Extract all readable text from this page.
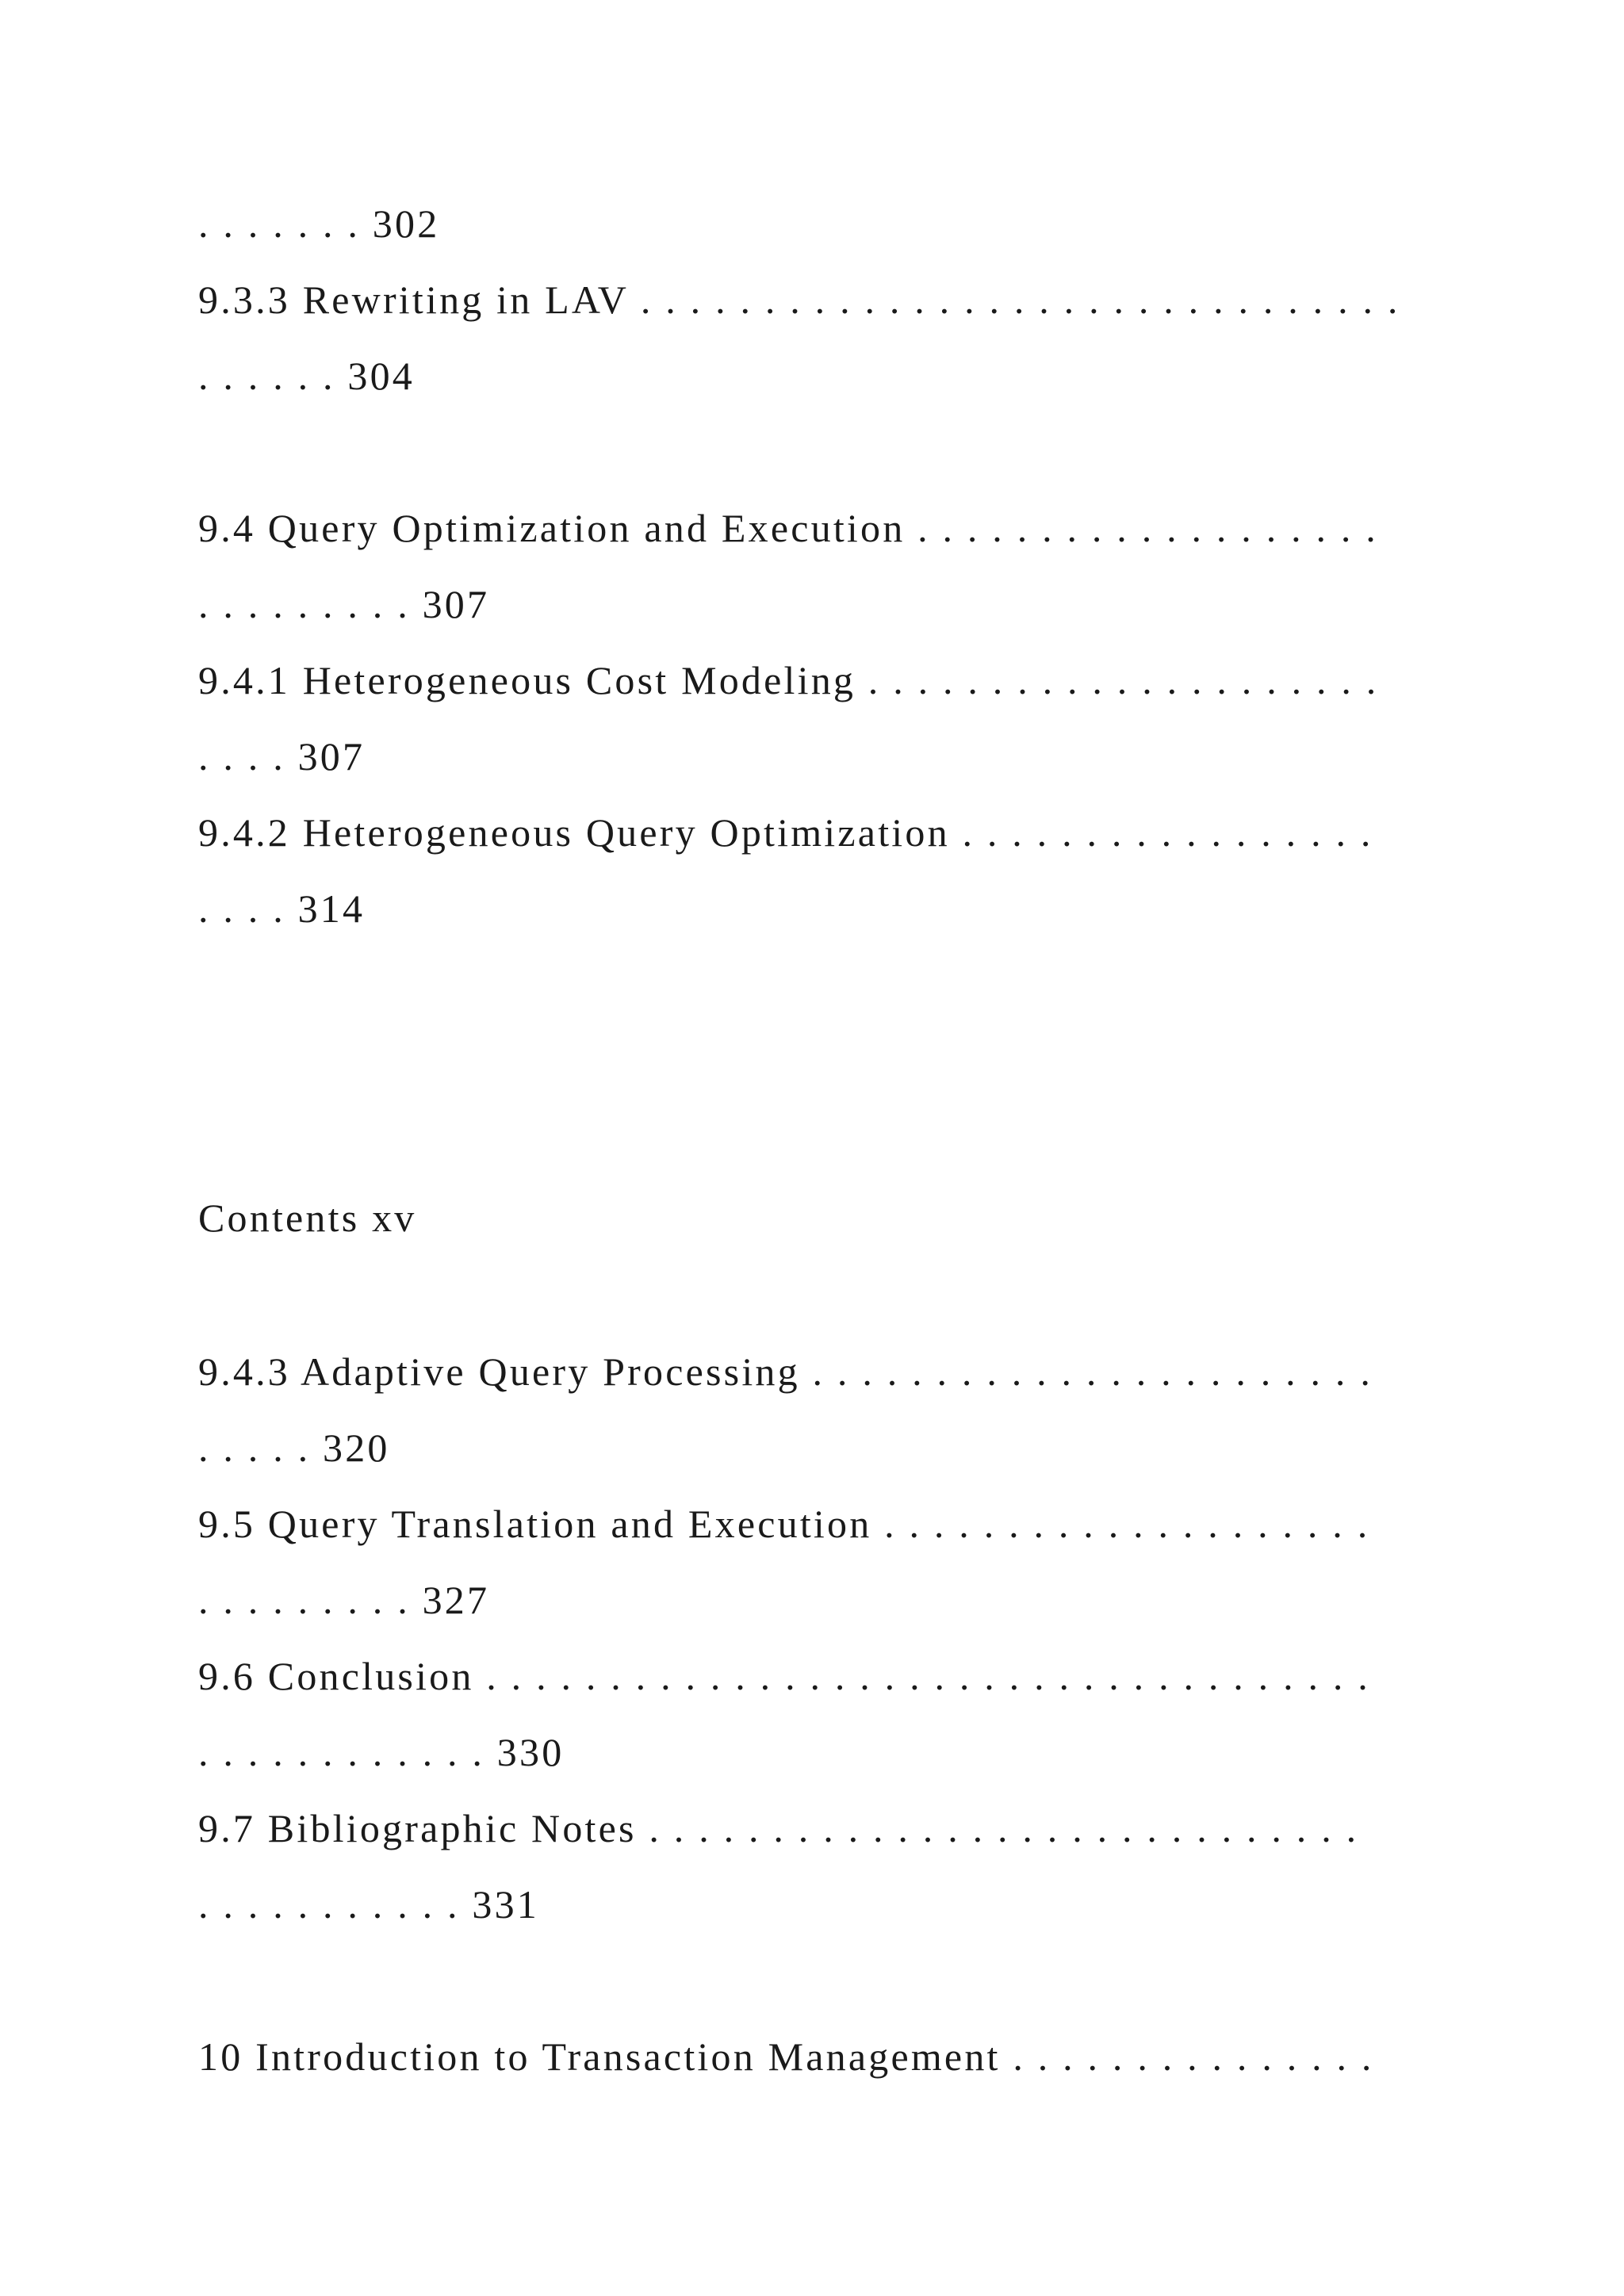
. . . . . . . 302
9.3.3 Rewriting in LAV . . . . . . . . . . . . . . . . . . . . . . . . . . . . . . .
. . . . . . 304
9.4 Query Optimization and Execution . . . . . . . . . . . . . . . . . . .
. . . . . . . . . 307
9.4.1 Heterogeneous Cost Modeling . . . . . . . . . . . . . . . . . . . . .
. . . . 307
9.4.2 Heterogeneous Query Optimization . . . . . . . . . . . . . . . . .
. . . . 314
Contents xv
9.4.3 Adaptive Query Processing . . . . . . . . . . . . . . . . . . . . . . .
. . . . . 320
9.5 Query Translation and Execution . . . . . . . . . . . . . . . . . . . .
. . . . . . . . . 327
9.6 Conclusion . . . . . . . . . . . . . . . . . . . . . . . . . . . . . . . . . . . .
. . . . . . . . . . . . 330
9.7 Bibliographic Notes . . . . . . . . . . . . . . . . . . . . . . . . . . . . .
. . . . . . . . . . . 331
10 Introduction to Transaction Management . . . . . . . . . . . . . . .
